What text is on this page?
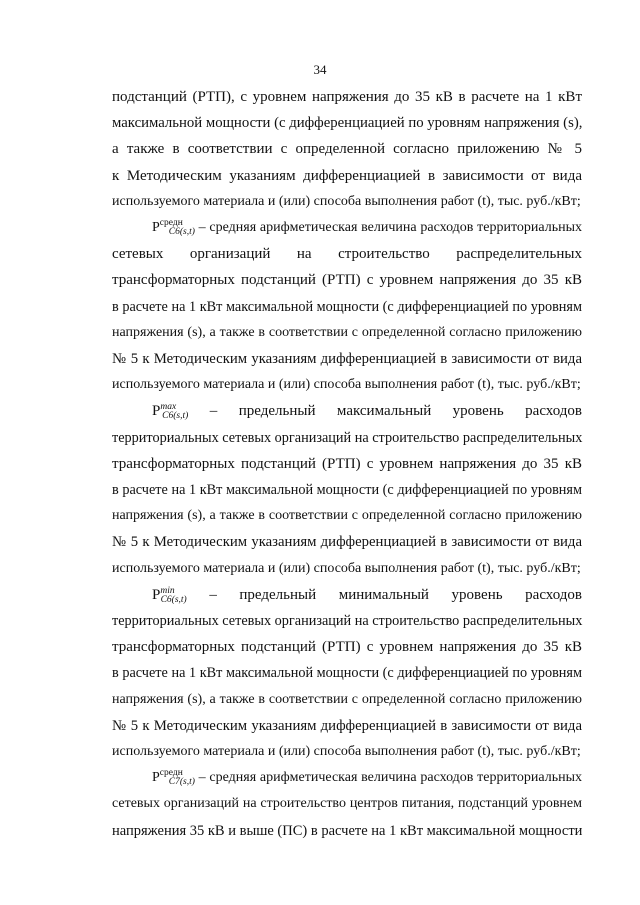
34
подстанций (РТП), с уровнем напряжения до 35 кВ в расчете на 1 кВт
максимальной мощности (с дифференциацией по уровням напряжения (s),
а также в соответствии с определенной согласно приложению № 5
к Методическим указаниям дифференциацией в зависимости от вида
используемого материала и (или) способа выполнения работ (t), тыс. руб./кВт;
$Р^{средн}_{С6(s,t)}$ – средняя арифметическая величина расходов территориальных
сетевых организаций на строительство распределительных
трансформаторных подстанций (РТП) с уровнем напряжения до 35 кВ
в расчете на 1 кВт максимальной мощности (с дифференциацией по уровням
напряжения (s), а также в соответствии с определенной согласно приложению
№ 5 к Методическим указаниям дифференциацией в зависимости от вида
используемого материала и (или) способа выполнения работ (t), тыс. руб./кВт;
$Р^{max}_{С6(s,t)}$ – предельный максимальный уровень расходов
территориальных сетевых организаций на строительство распределительных
трансформаторных подстанций (РТП) с уровнем напряжения до 35 кВ
в расчете на 1 кВт максимальной мощности (с дифференциацией по уровням
напряжения (s), а также в соответствии с определенной согласно приложению
№ 5 к Методическим указаниям дифференциацией в зависимости от вида
используемого материала и (или) способа выполнения работ (t), тыс. руб./кВт;
$Р^{min}_{С6(s,t)}$ – предельный минимальный уровень расходов
территориальных сетевых организаций на строительство распределительных
трансформаторных подстанций (РТП) с уровнем напряжения до 35 кВ
в расчете на 1 кВт максимальной мощности (с дифференциацией по уровням
напряжения (s), а также в соответствии с определенной согласно приложению
№ 5 к Методическим указаниям дифференциацией в зависимости от вида
используемого материала и (или) способа выполнения работ (t), тыс. руб./кВт;
$Р^{средн}_{С7(s,t)}$ – средняя арифметическая величина расходов территориальных
сетевых организаций на строительство центров питания, подстанций уровнем
напряжения 35 кВ и выше (ПС) в расчете на 1 кВт максимальной мощности
